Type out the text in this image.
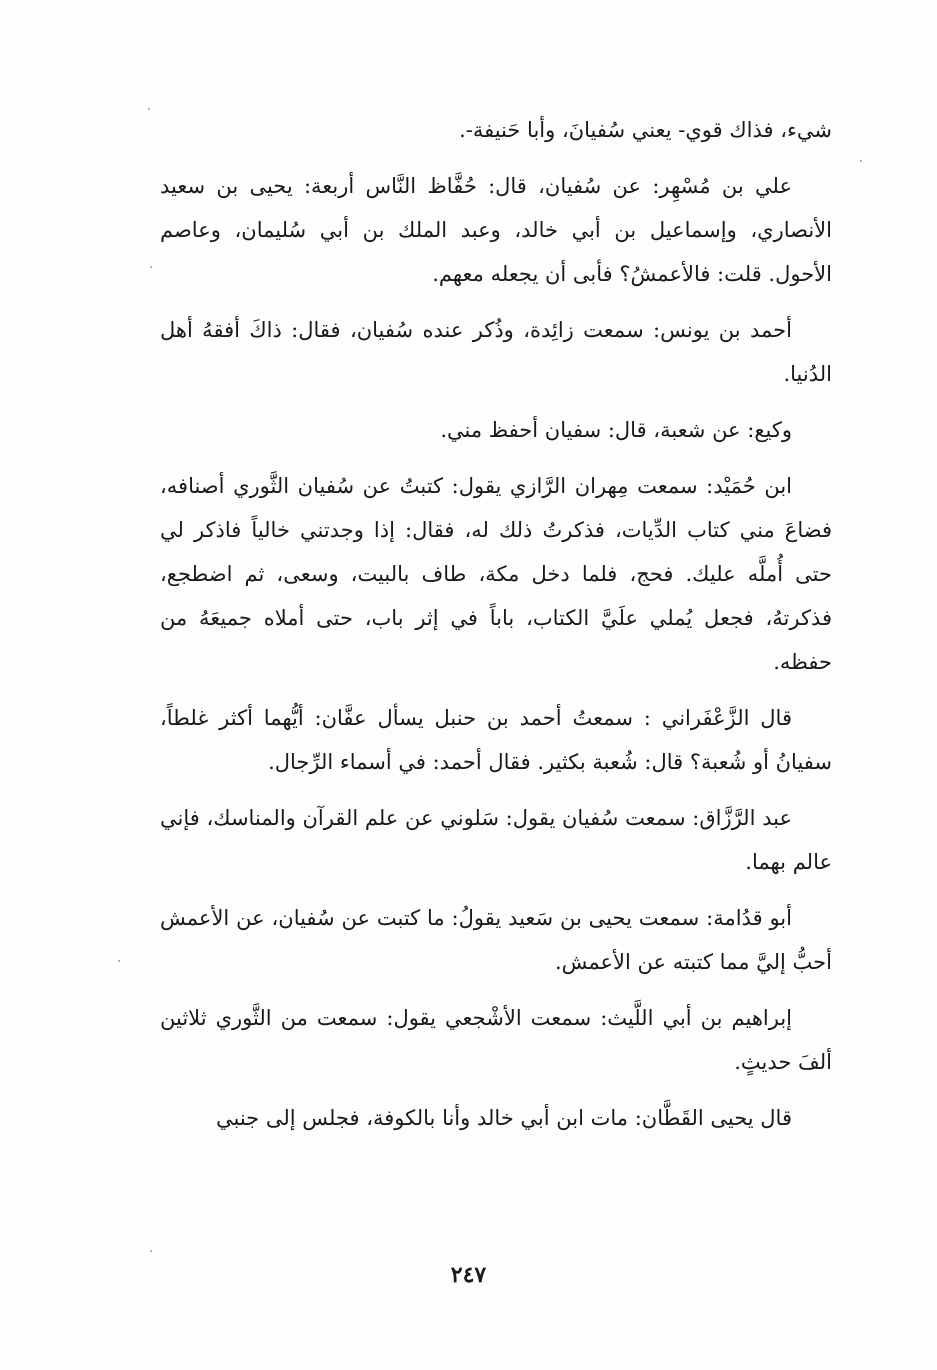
شيء، فذاك قوي- يعني سُفيانَ، وأبا حَنيفة-.

علي بن مُسْهِر: عن سُفيان، قال: حُفَّاظ النَّاس أربعة: يحيى بن سعيد الأنصاري، وإسماعيل بن أبي خالد، وعبد الملك بن أبي سُليمان، وعاصم الأحول. قلت: فالأعمشُ؟ فأبى أن يجعله معهم.

أحمد بن يونس: سمعت زائِدة، وذُكر عنده سُفيان، فقال: ذاكَ أفقهُ أهل الدُنيا.

وكيع: عن شعبة، قال: سفيان أحفظ مني.

ابن حُمَيْد: سمعت مِهران الرَّازي يقول: كتبتُ عن سُفيان الثَّوري أصنافه، فضاعَ مني كتاب الدِّيات، فذكرتُ ذلك له، فقال: إذا وجدتني خالياً فاذكر لي حتى أُملَّه عليك. فحج، فلما دخل مكة، طاف بالبيت، وسعى، ثم اضطجع، فذكرتهُ، فجعل يُملي علَيَّ الكتاب، باباً في إثر باب، حتى أملاه جميعَهُ من حفظه.

قال الزَّعْفَراني : سمعتُ أحمد بن حنبل يسأل عفَّان: أيُّهما أكثر غلطاً، سفيانُ أو شُعبة؟ قال: شُعبة بكثير. فقال أحمد: في أسماء الرِّجال.

عبد الرَّزَّاق: سمعت سُفيان يقول: سَلوني عن علم القرآن والمناسك، فإني عالم بهما.

أبو قدُامة: سمعت يحيى بن سَعيد يقولُ: ما كتبت عن سُفيان، عن الأعمش أحبُّ إليَّ مما كتبته عن الأعمش.

إبراهيم بن أبي اللَّيث: سمعت الأشْجعي يقول: سمعت من الثَّوري ثلاثين ألفَ حديثٍ.

قال يحيى القَطَّان: مات ابن أبي خالد وأنا بالكوفة، فجلس إلى جنبي

٢٤٧
